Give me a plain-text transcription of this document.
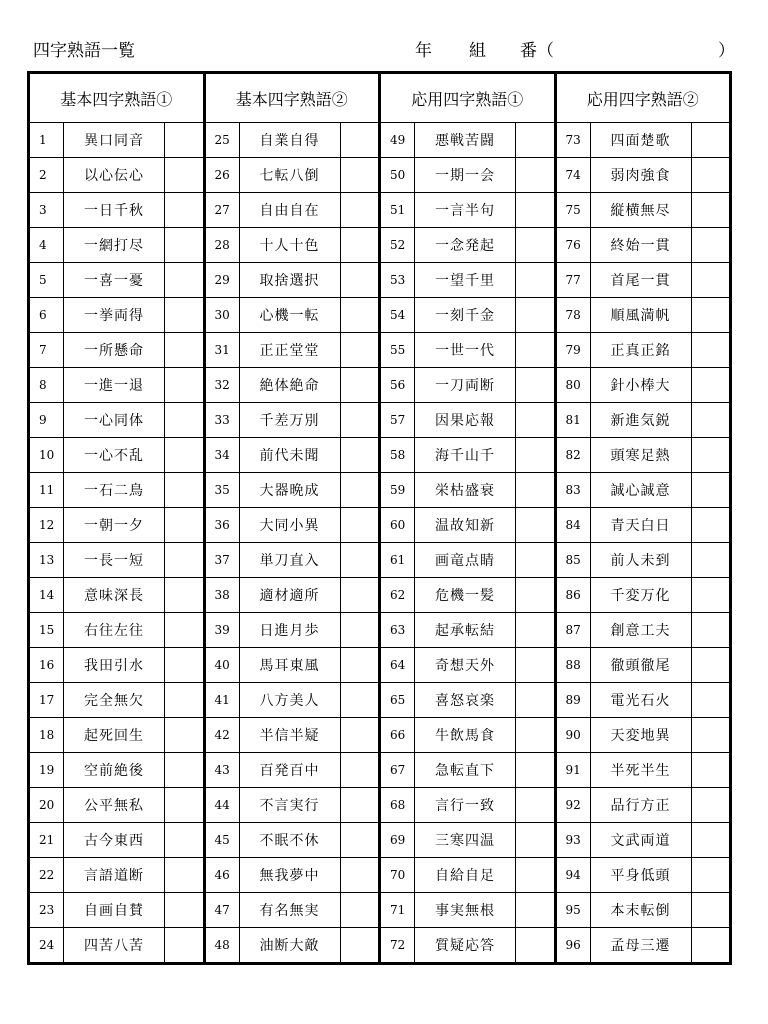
四字熟語一覧	年 組 番（	）
基本四字熟語①
1	異口同音
2	以心伝心
3	一日千秋
4	一網打尽
5	一喜一憂
6	一挙両得
7	一所懸命
8	一進一退
9	一心同体
10	一心不乱
11	一石二鳥
12	一朝一夕
13	一長一短
14	意味深長
15	右往左往
16	我田引水
17	完全無欠
18	起死回生
19	空前絶後
20	公平無私
21	古今東西
22	言語道断
23	自画自賛
24	四苦八苦
基本四字熟語②
25	自業自得
26	七転八倒
27	自由自在
28	十人十色
29	取捨選択
30	心機一転
31	正正堂堂
32	絶体絶命
33	千差万別
34	前代未聞
35	大器晩成
36	大同小異
37	単刀直入
38	適材適所
39	日進月歩
40	馬耳東風
41	八方美人
42	半信半疑
43	百発百中
44	不言実行
45	不眠不休
46	無我夢中
47	有名無実
48	油断大敵
応用四字熟語①
49	悪戦苦闘
50	一期一会
51	一言半句
52	一念発起
53	一望千里
54	一刻千金
55	一世一代
56	一刀両断
57	因果応報
58	海千山千
59	栄枯盛衰
60	温故知新
61	画竜点睛
62	危機一髪
63	起承転結
64	奇想天外
65	喜怒哀楽
66	牛飲馬食
67	急転直下
68	言行一致
69	三寒四温
70	自給自足
71	事実無根
72	質疑応答
応用四字熟語②
73	四面楚歌
74	弱肉強食
75	縦横無尽
76	終始一貫
77	首尾一貫
78	順風満帆
79	正真正銘
80	針小棒大
81	新進気鋭
82	頭寒足熱
83	誠心誠意
84	青天白日
85	前人未到
86	千変万化
87	創意工夫
88	徹頭徹尾
89	電光石火
90	天変地異
91	半死半生
92	品行方正
93	文武両道
94	平身低頭
95	本末転倒
96	孟母三遷
